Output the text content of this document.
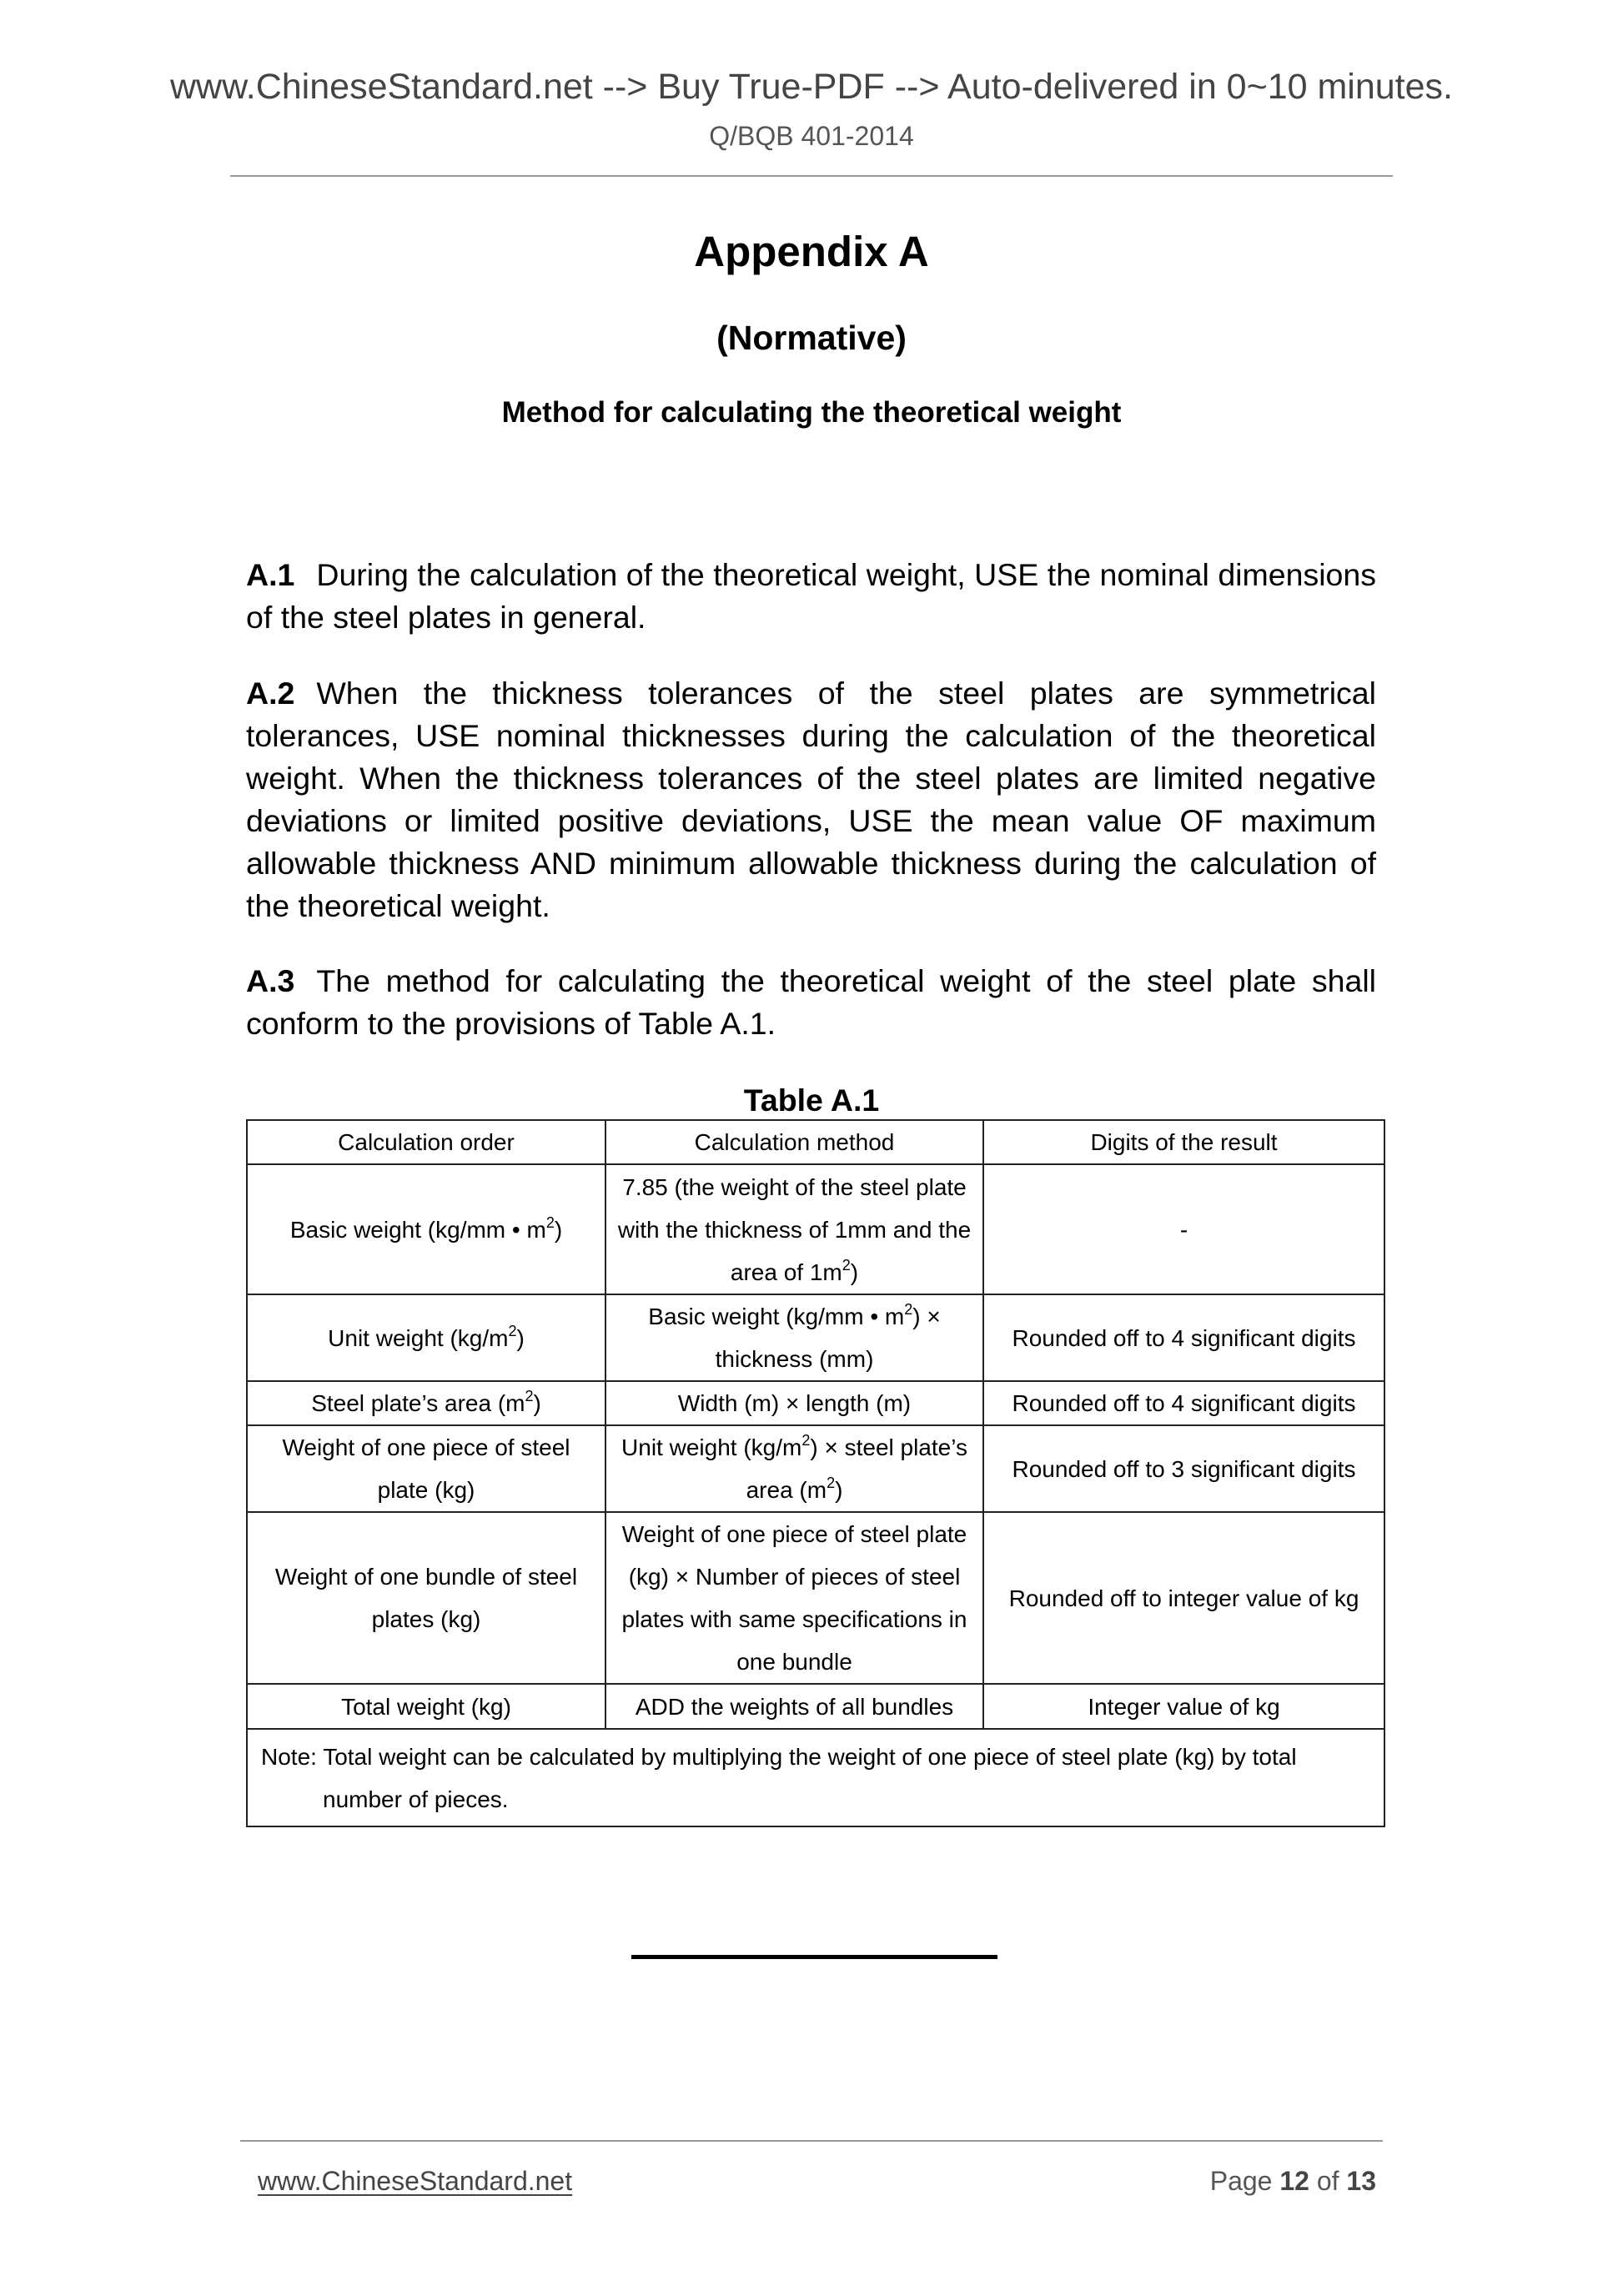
www.ChineseStandard.net --> Buy True-PDF --> Auto-delivered in 0~10 minutes.
Q/BQB 401-2014
Appendix A
(Normative)
Method for calculating the theoretical weight
A.1 During the calculation of the theoretical weight, USE the nominal dimensions of the steel plates in general.
A.2 When the thickness tolerances of the steel plates are symmetrical tolerances, USE nominal thicknesses during the calculation of the theoretical weight. When the thickness tolerances of the steel plates are limited negative deviations or limited positive deviations, USE the mean value OF maximum allowable thickness AND minimum allowable thickness during the calculation of the theoretical weight.
A.3 The method for calculating the theoretical weight of the steel plate shall conform to the provisions of Table A.1.
Table A.1
Calculation order	Calculation method	Digits of the result
Basic weight (kg/mm • $m^2$)	7.85 (the weight of the steel plate with the thickness of 1mm and the area of $1m^2$)	-
Unit weight $(kg/m^2)$	Basic weight (kg/mm • $m^2$) × thickness (mm)	Rounded off to 4 significant digits
Steel plate’s area $(m^2)$	Width (m) × length (m)	Rounded off to 4 significant digits
Weight of one piece of steel plate (kg)	Unit weight $(kg/m^2)$ × steel plate’s area $(m^2)$	Rounded off to 3 significant digits
Weight of one bundle of steel plates (kg)	Weight of one piece of steel plate (kg) × Number of pieces of steel plates with same specifications in one bundle	Rounded off to integer value of kg
Total weight (kg)	ADD the weights of all bundles	Integer value of kg

Note: Total weight can be calculated by multiplying the weight of one piece of steel plate (kg) by total number of pieces.		
www.ChineseStandard.net	Page 12 of 13
